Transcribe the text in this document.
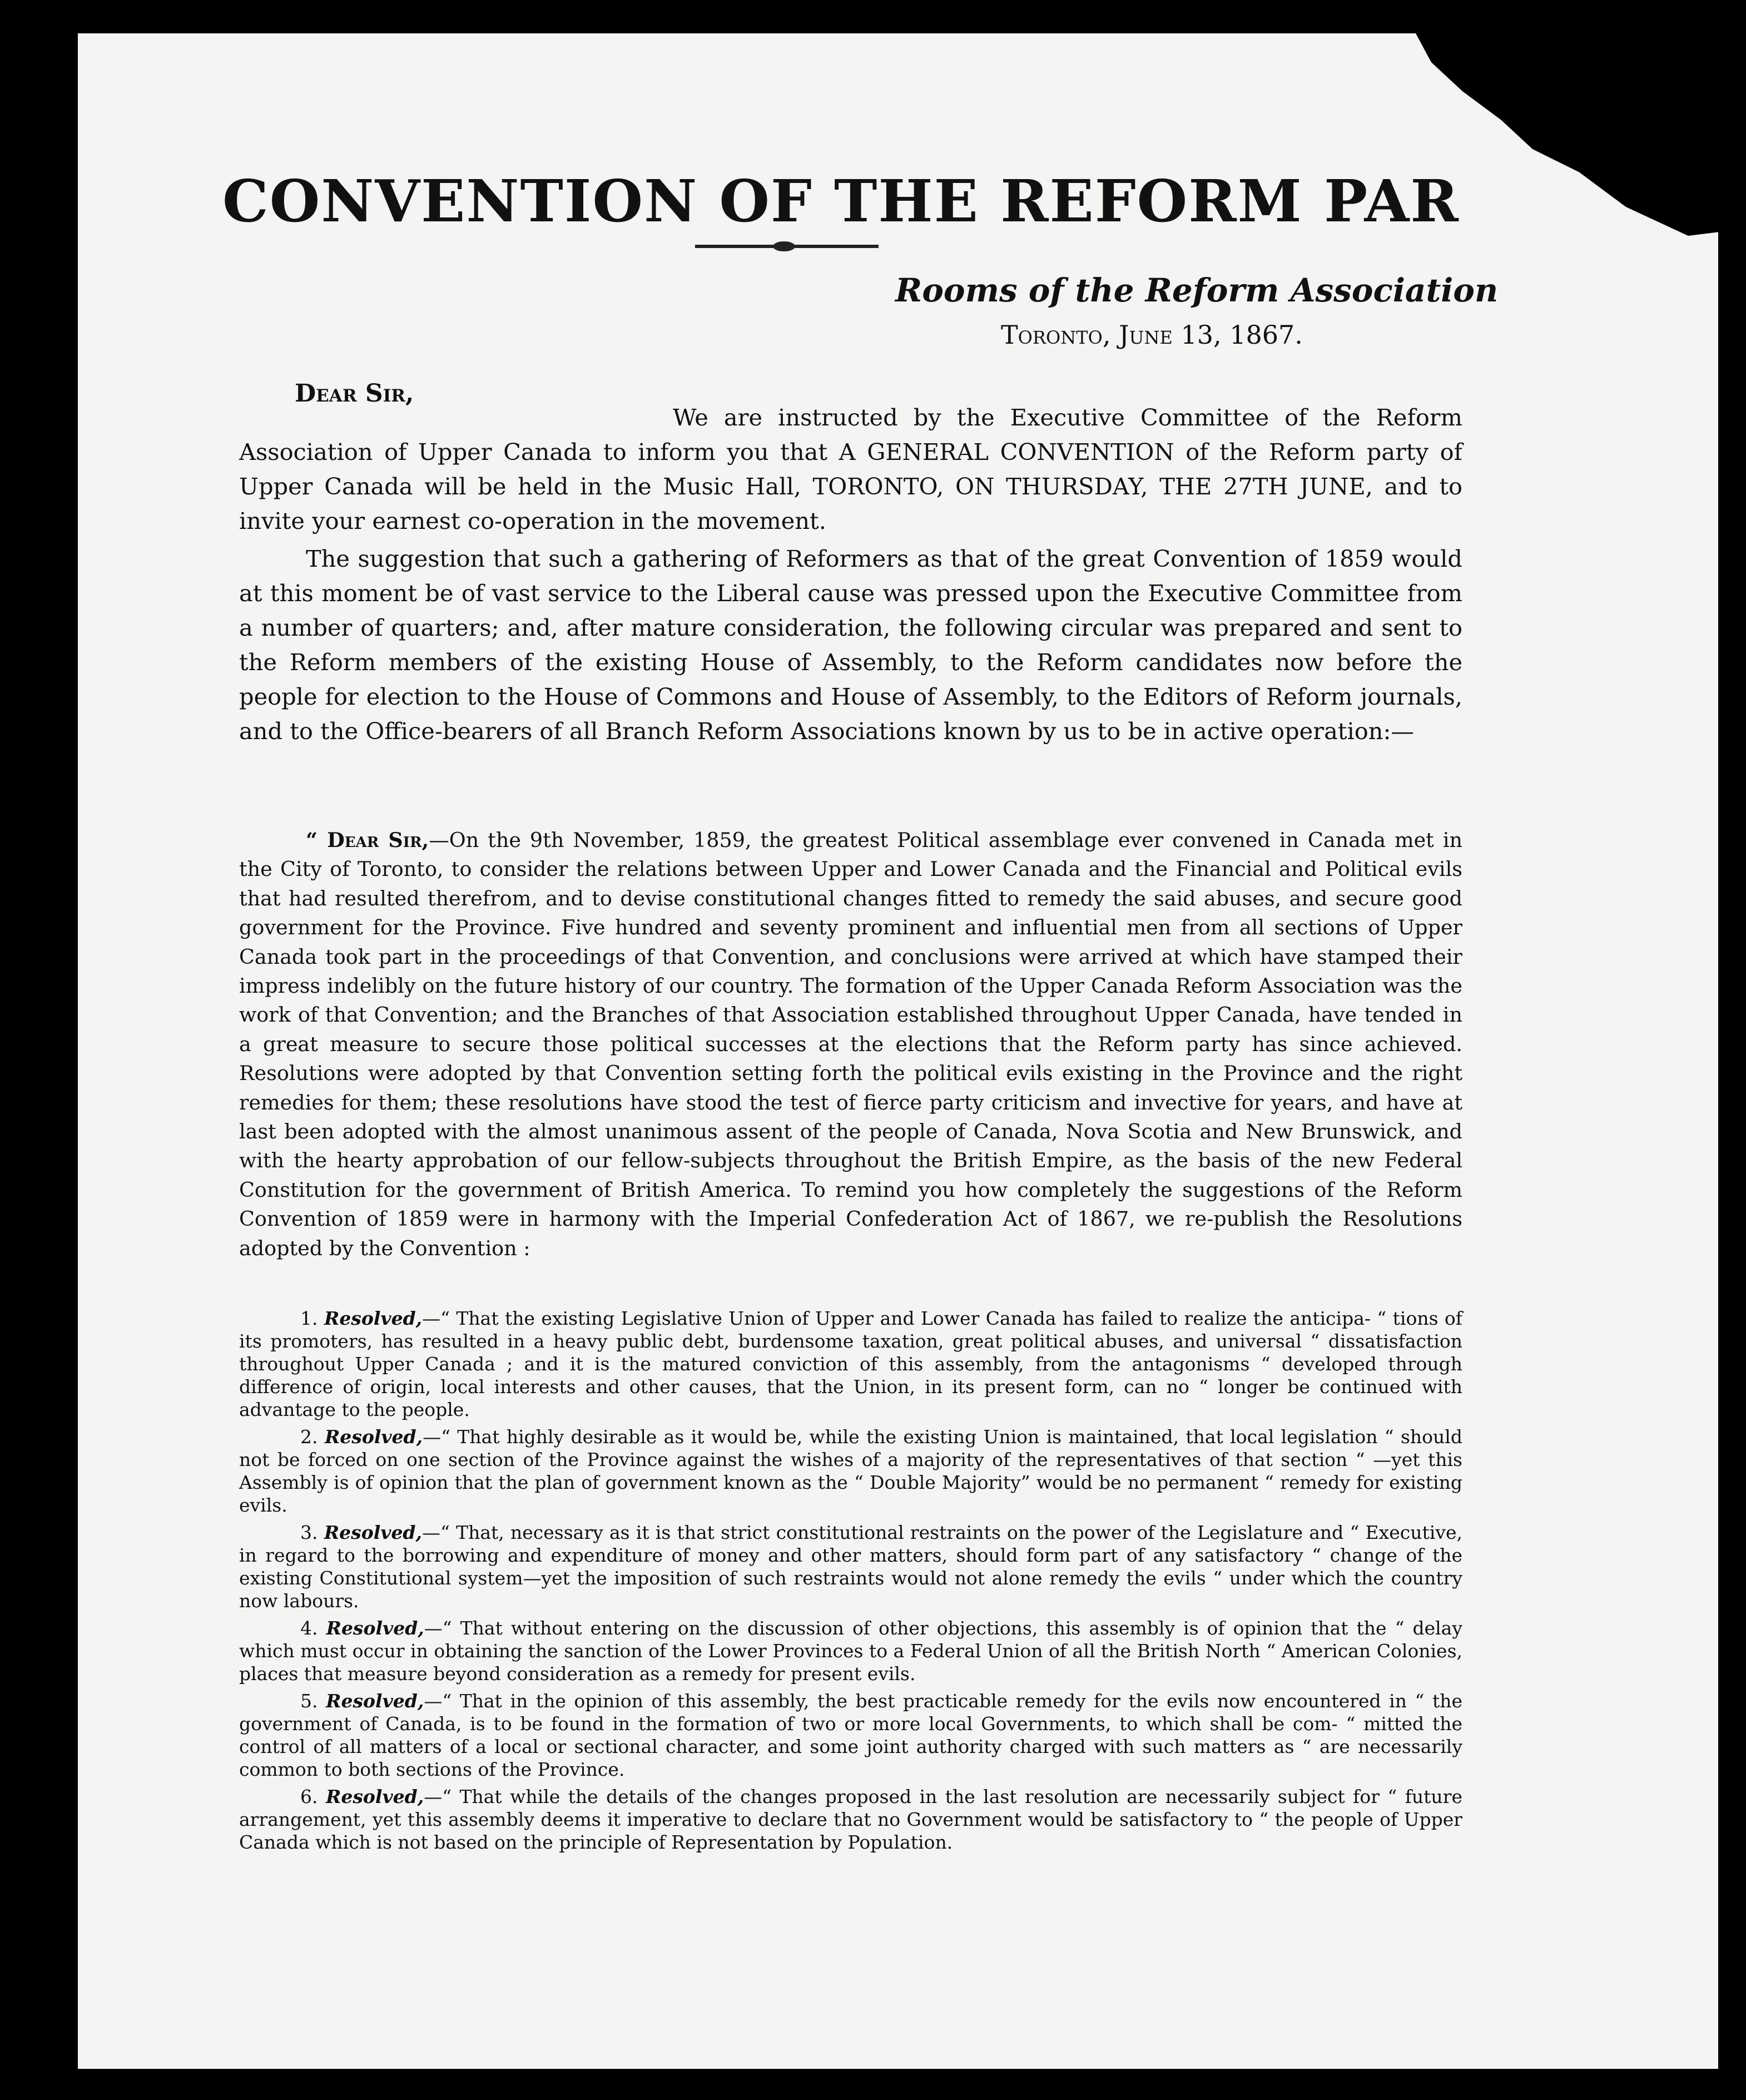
CONVENTION OF THE REFORM PAR
Rooms of the Reform Association
Toronto, June 13, 1867.
Dear Sir,

We are instructed by the Executive Committee of the Reform Association of Upper Canada to inform you that A GENERAL CONVENTION of the Reform party of Upper Canada will be held in the Music Hall, TORONTO, ON THURSDAY, THE 27TH JUNE, and to invite your earnest co-operation in the movement.

The suggestion that such a gathering of Reformers as that of the great Convention of 1859 would at this moment be of vast service to the Liberal cause was pressed upon the Executive Committee from a number of quarters; and, after mature consideration, the following circular was prepared and sent to the Reform members of the existing House of Assembly, to the Reform candidates now before the people for election to the House of Commons and House of Assembly, to the Editors of Reform journals, and to the Office-bearers of all Branch Reform Associations known by us to be in active operation:—

“ Dear Sir,—On the 9th November, 1859, the greatest Political assemblage ever convened in Canada met in the City of Toronto, to consider the relations between Upper and Lower Canada and the Financial and Political evils that had resulted therefrom, and to devise constitutional changes fitted to remedy the said abuses, and secure good government for the Province. Five hundred and seventy prominent and influential men from all sections of Upper Canada took part in the proceedings of that Convention, and conclusions were arrived at which have stamped their impress indelibly on the future history of our country. The formation of the Upper Canada Reform Association was the work of that Convention; and the Branches of that Association established throughout Upper Canada, have tended in a great measure to secure those political successes at the elections that the Reform party has since achieved. Resolutions were adopted by that Convention setting forth the political evils existing in the Province and the right remedies for them; these resolutions have stood the test of fierce party criticism and invective for years, and have at last been adopted with the almost unanimous assent of the people of Canada, Nova Scotia and New Brunswick, and with the hearty approbation of our fellow-subjects throughout the British Empire, as the basis of the new Federal Constitution for the government of British America. To remind you how completely the suggestions of the Reform Convention of 1859 were in harmony with the Imperial Confederation Act of 1867, we re-publish the Resolutions adopted by the Convention :

1. Resolved,—“ That the existing Legislative Union of Upper and Lower Canada has failed to realize the anticipa- “ tions of its promoters, has resulted in a heavy public debt, burdensome taxation, great political abuses, and universal “ dissatisfaction throughout Upper Canada ; and it is the matured conviction of this assembly, from the antagonisms “ developed through difference of origin, local interests and other causes, that the Union, in its present form, can no “ longer be continued with advantage to the people.

2. Resolved,—“ That highly desirable as it would be, while the existing Union is maintained, that local legislation “ should not be forced on one section of the Province against the wishes of a majority of the representatives of that section “ —yet this Assembly is of opinion that the plan of government known as the “ Double Majority” would be no permanent “ remedy for existing evils.

3. Resolved,—“ That, necessary as it is that strict constitutional restraints on the power of the Legislature and “ Executive, in regard to the borrowing and expenditure of money and other matters, should form part of any satisfactory “ change of the existing Constitutional system—yet the imposition of such restraints would not alone remedy the evils “ under which the country now labours.

4. Resolved,—“ That without entering on the discussion of other objections, this assembly is of opinion that the “ delay which must occur in obtaining the sanction of the Lower Provinces to a Federal Union of all the British North “ American Colonies, places that measure beyond consideration as a remedy for present evils.

5. Resolved,—“ That in the opinion of this assembly, the best practicable remedy for the evils now encountered in “ the government of Canada, is to be found in the formation of two or more local Governments, to which shall be com- “ mitted the control of all matters of a local or sectional character, and some joint authority charged with such matters as “ are necessarily common to both sections of the Province.

6. Resolved,—“ That while the details of the changes proposed in the last resolution are necessarily subject for “ future arrangement, yet this assembly deems it imperative to declare that no Government would be satisfactory to “ the people of Upper Canada which is not based on the principle of Representation by Population.
